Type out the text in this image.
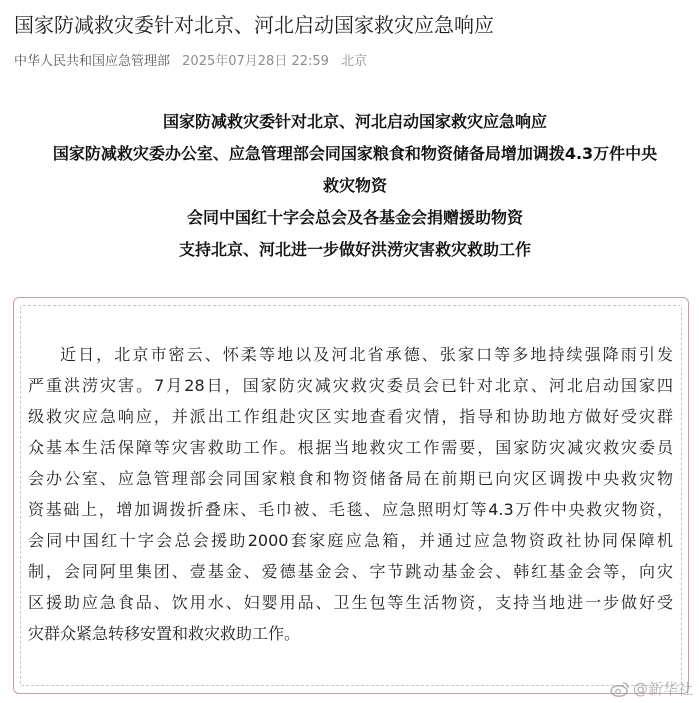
国家防减救灾委针对北京、河北启动国家救灾应急响应
中华人民共和国应急管理部 2025年07月28日 22:59 北京
国家防减救灾委针对北京、河北启动国家救灾应急响应
国家防减救灾委办公室、应急管理部会同国家粮食和物资储备局增加调拨4.3万件中央
救灾物资
会同中国红十字会总会及各基金会捐赠援助物资
支持北京、河北进一步做好洪涝灾害救灾救助工作
近日，北京市密云、怀柔等地以及河北省承德、张家口等多地持续强降雨引发
严重洪涝灾害。7月28日，国家防灾减灾救灾委员会已针对北京、河北启动国家四
级救灾应急响应，并派出工作组赴灾区实地查看灾情，指导和协助地方做好受灾群
众基本生活保障等灾害救助工作。根据当地救灾工作需要，国家防灾减灾救灾委员
会办公室、应急管理部会同国家粮食和物资储备局在前期已向灾区调拨中央救灾物
资基础上，增加调拨折叠床、毛巾被、毛毯、应急照明灯等4.3万件中央救灾物资，
会同中国红十字会总会援助2000套家庭应急箱，并通过应急物资政社协同保障机
制，会同阿里集团、壹基金、爱德基金会、字节跳动基金会、韩红基金会等，向灾
区援助应急食品、饮用水、妇婴用品、卫生包等生活物资，支持当地进一步做好受
灾群众紧急转移安置和救灾救助工作。
@新华社
